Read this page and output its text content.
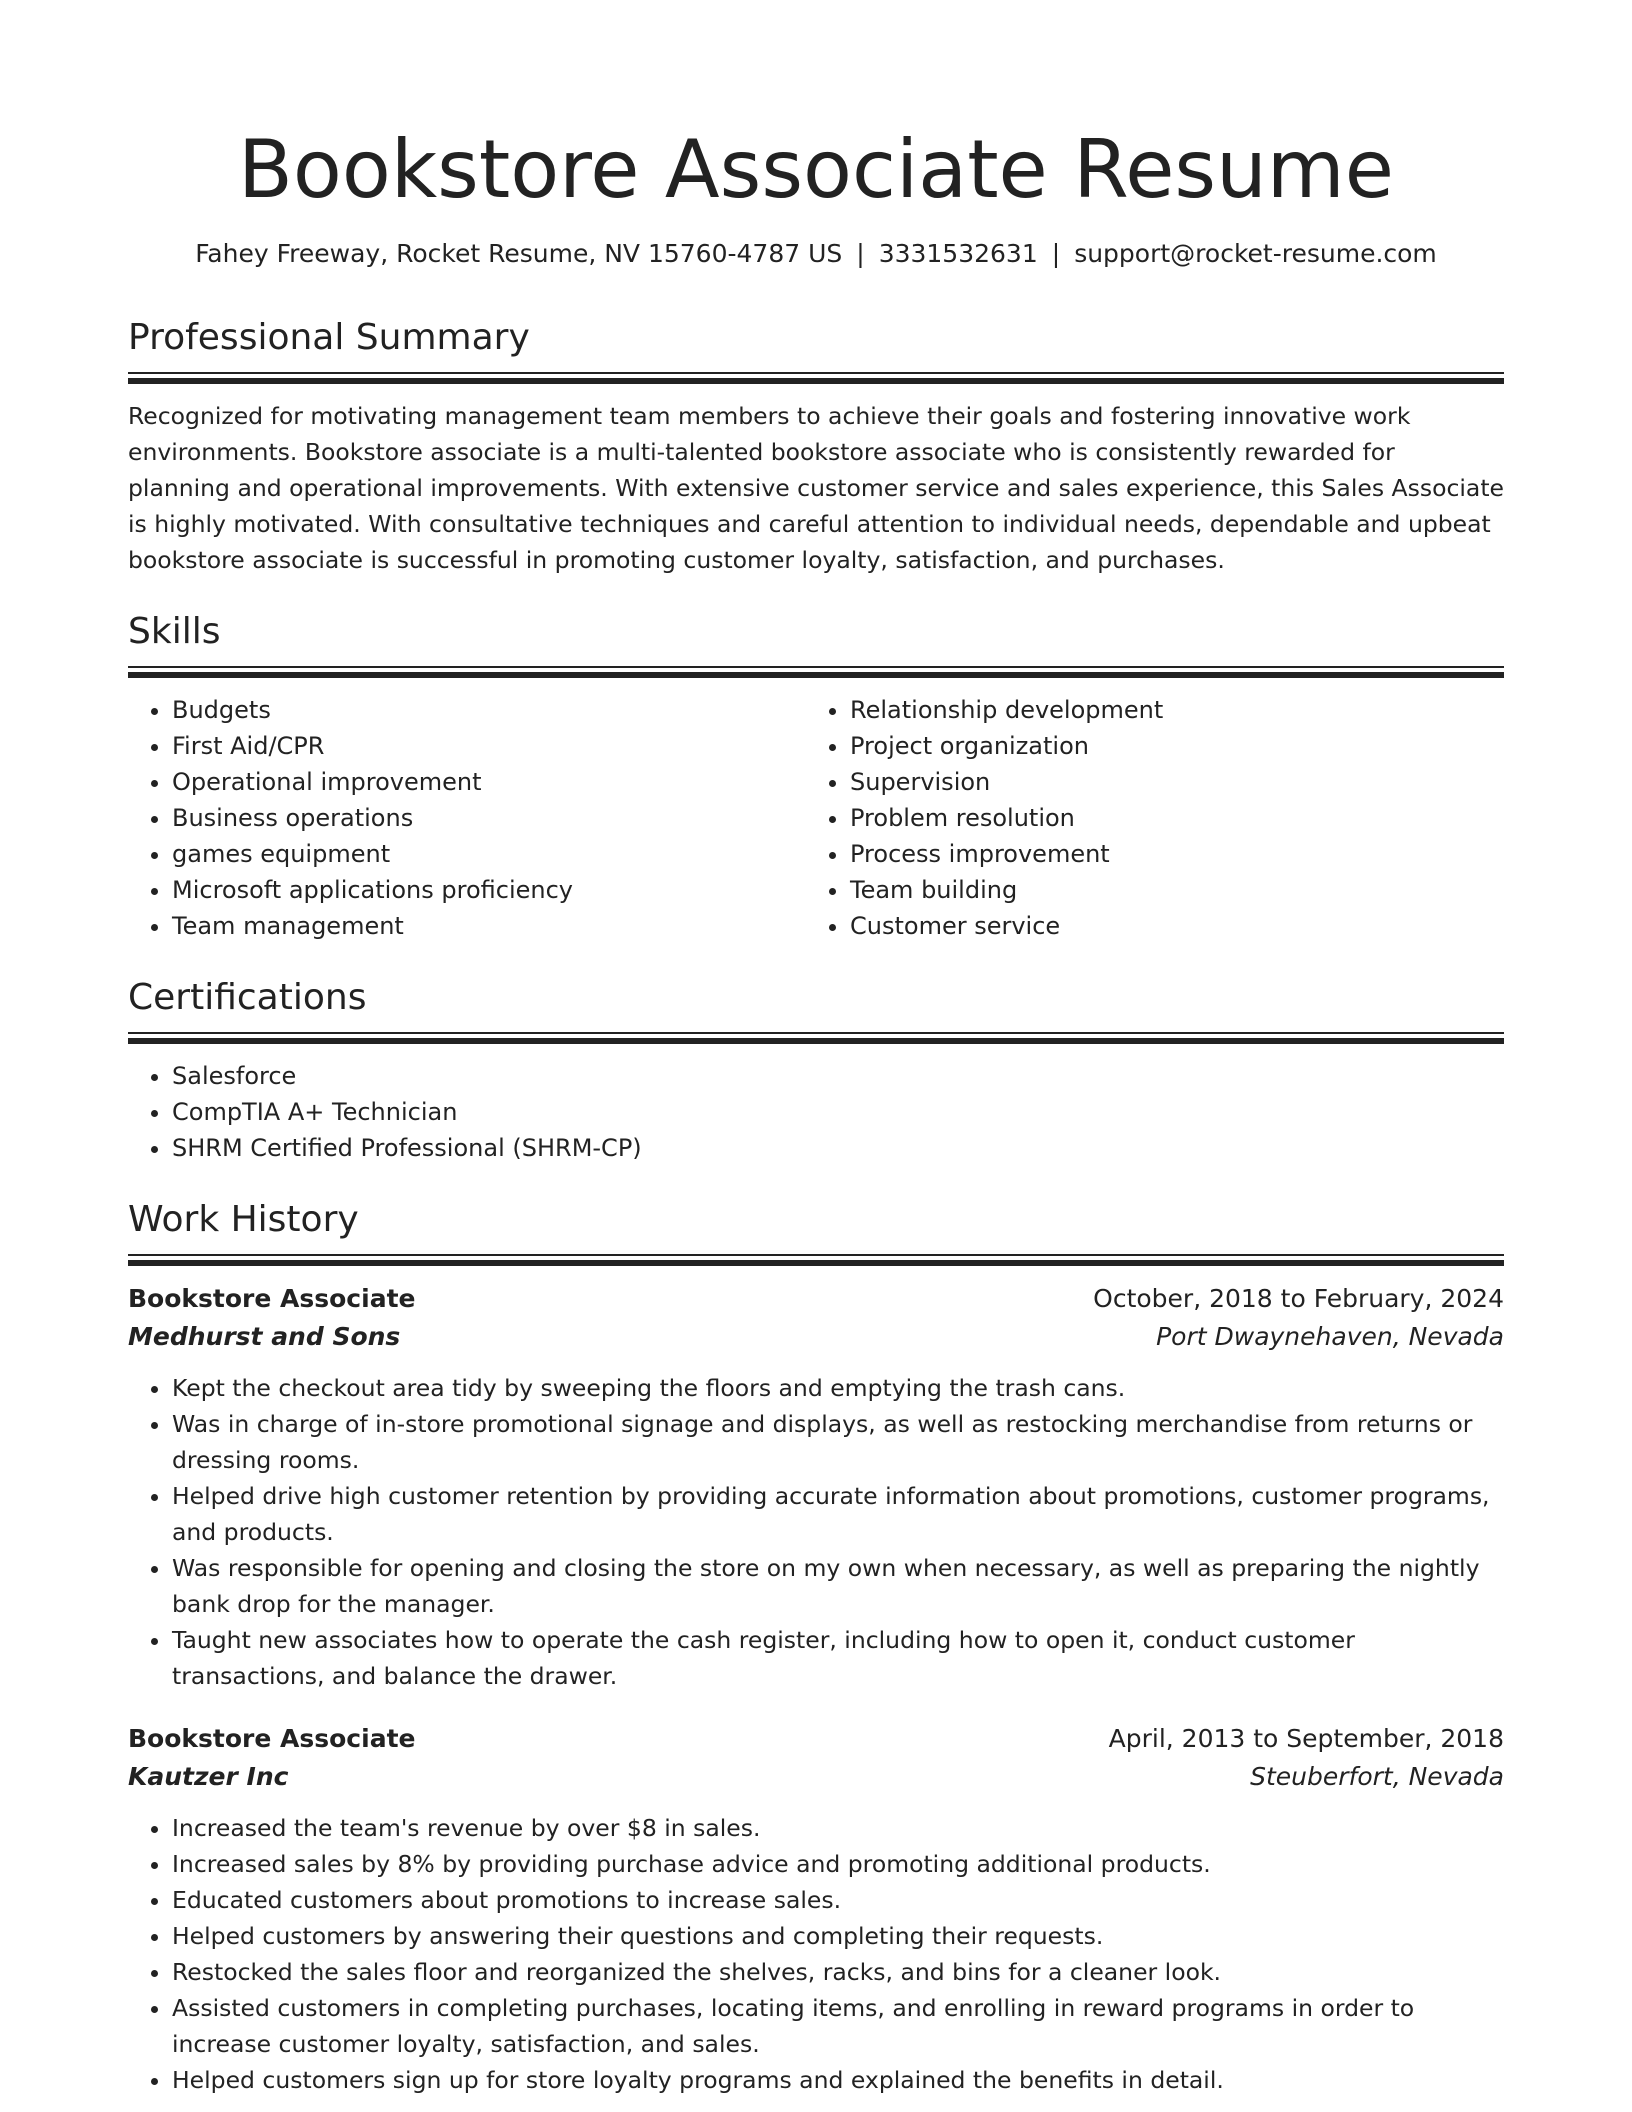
Bookstore Associate Resume
Fahey Freeway, Rocket Resume, NV 15760-4787 US | 3331532631 | support@rocket-resume.com
Professional Summary

Recognized for motivating management team members to achieve their goals and fostering innovative work environments. Bookstore associate is a multi-talented bookstore associate who is consistently rewarded for planning and operational improvements. With extensive customer service and sales experience, this Sales Associate is highly motivated. With consultative techniques and careful attention to individual needs, dependable and upbeat bookstore associate is successful in promoting customer loyalty, satisfaction, and purchases.

Skills
• Budgets
• First Aid/CPR
• Operational improvement
• Business operations
• games equipment
• Microsoft applications proficiency
• Team management
• Relationship development
• Project organization
• Supervision
• Problem resolution
• Process improvement
• Team building
• Customer service
Certifications
• Salesforce
• CompTIA A+ Technician
• SHRM Certified Professional (SHRM-CP)
Work History
Bookstore Associate	October, 2018 to February, 2024
Medhurst and Sons	Port Dwaynehaven, Nevada
• Kept the checkout area tidy by sweeping the floors and emptying the trash cans.
• Was in charge of in-store promotional signage and displays, as well as restocking merchandise from returns or dressing rooms.
• Helped drive high customer retention by providing accurate information about promotions, customer programs, and products.
• Was responsible for opening and closing the store on my own when necessary, as well as preparing the nightly bank drop for the manager.
• Taught new associates how to operate the cash register, including how to open it, conduct customer transactions, and balance the drawer.
Bookstore Associate	April, 2013 to September, 2018
Kautzer Inc	Steuberfort, Nevada
• Increased the team's revenue by over $8 in sales.
• Increased sales by 8% by providing purchase advice and promoting additional products.
• Educated customers about promotions to increase sales.
• Helped customers by answering their questions and completing their requests.
• Restocked the sales floor and reorganized the shelves, racks, and bins for a cleaner look.
• Assisted customers in completing purchases, locating items, and enrolling in reward programs in order to increase customer loyalty, satisfaction, and sales.
• Helped customers sign up for store loyalty programs and explained the benefits in detail.
